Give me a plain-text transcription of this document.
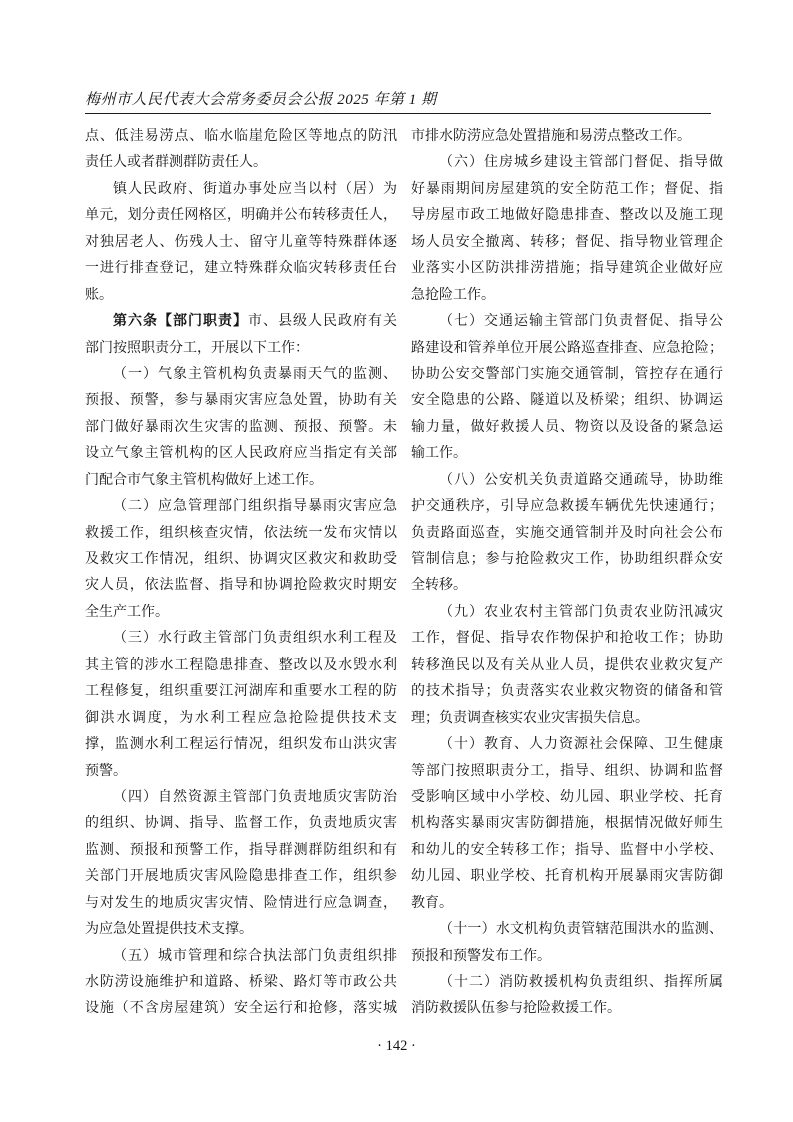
梅州市人民代表大会常务委员会公报 2025 年第 1 期
点、低洼易涝点、临水临崖危险区等地点的防汛
责任人或者群测群防责任人。
镇人民政府、街道办事处应当以村（居）为
单元，划分责任网格区，明确并公布转移责任人，
对独居老人、伤残人士、留守儿童等特殊群体逐
一进行排查登记，建立特殊群众临灾转移责任台
账。
第六条【部门职责】市、县级人民政府有关
部门按照职责分工，开展以下工作：
（一）气象主管机构负责暴雨天气的监测、
预报、预警，参与暴雨灾害应急处置，协助有关
部门做好暴雨次生灾害的监测、预报、预警。未
设立气象主管机构的区人民政府应当指定有关部
门配合市气象主管机构做好上述工作。
（二）应急管理部门组织指导暴雨灾害应急
救援工作，组织核查灾情，依法统一发布灾情以
及救灾工作情况，组织、协调灾区救灾和救助受
灾人员，依法监督、指导和协调抢险救灾时期安
全生产工作。
（三）水行政主管部门负责组织水利工程及
其主管的涉水工程隐患排查、整改以及水毁水利
工程修复，组织重要江河湖库和重要水工程的防
御洪水调度，为水利工程应急抢险提供技术支
撑，监测水利工程运行情况，组织发布山洪灾害
预警。
（四）自然资源主管部门负责地质灾害防治
的组织、协调、指导、监督工作，负责地质灾害
监测、预报和预警工作，指导群测群防组织和有
关部门开展地质灾害风险隐患排查工作，组织参
与对发生的地质灾害灾情、险情进行应急调查，
为应急处置提供技术支撑。
（五）城市管理和综合执法部门负责组织排
水防涝设施维护和道路、桥梁、路灯等市政公共
设施（不含房屋建筑）安全运行和抢修，落实城
市排水防涝应急处置措施和易涝点整改工作。
（六）住房城乡建设主管部门督促、指导做
好暴雨期间房屋建筑的安全防范工作；督促、指
导房屋市政工地做好隐患排查、整改以及施工现
场人员安全撤离、转移；督促、指导物业管理企
业落实小区防洪排涝措施；指导建筑企业做好应
急抢险工作。
（七）交通运输主管部门负责督促、指导公
路建设和管养单位开展公路巡查排查、应急抢险；
协助公安交警部门实施交通管制，管控存在通行
安全隐患的公路、隧道以及桥梁；组织、协调运
输力量，做好救援人员、物资以及设备的紧急运
输工作。
（八）公安机关负责道路交通疏导，协助维
护交通秩序，引导应急救援车辆优先快速通行；
负责路面巡查，实施交通管制并及时向社会公布
管制信息；参与抢险救灾工作，协助组织群众安
全转移。
（九）农业农村主管部门负责农业防汛减灾
工作，督促、指导农作物保护和抢收工作；协助
转移渔民以及有关从业人员，提供农业救灾复产
的技术指导；负责落实农业救灾物资的储备和管
理；负责调查核实农业灾害损失信息。
（十）教育、人力资源社会保障、卫生健康
等部门按照职责分工，指导、组织、协调和监督
受影响区域中小学校、幼儿园、职业学校、托育
机构落实暴雨灾害防御措施，根据情况做好师生
和幼儿的安全转移工作；指导、监督中小学校、
幼儿园、职业学校、托育机构开展暴雨灾害防御
教育。
（十一）水文机构负责管辖范围洪水的监测、
预报和预警发布工作。
（十二）消防救援机构负责组织、指挥所属
消防救援队伍参与抢险救援工作。
· 142 ·
